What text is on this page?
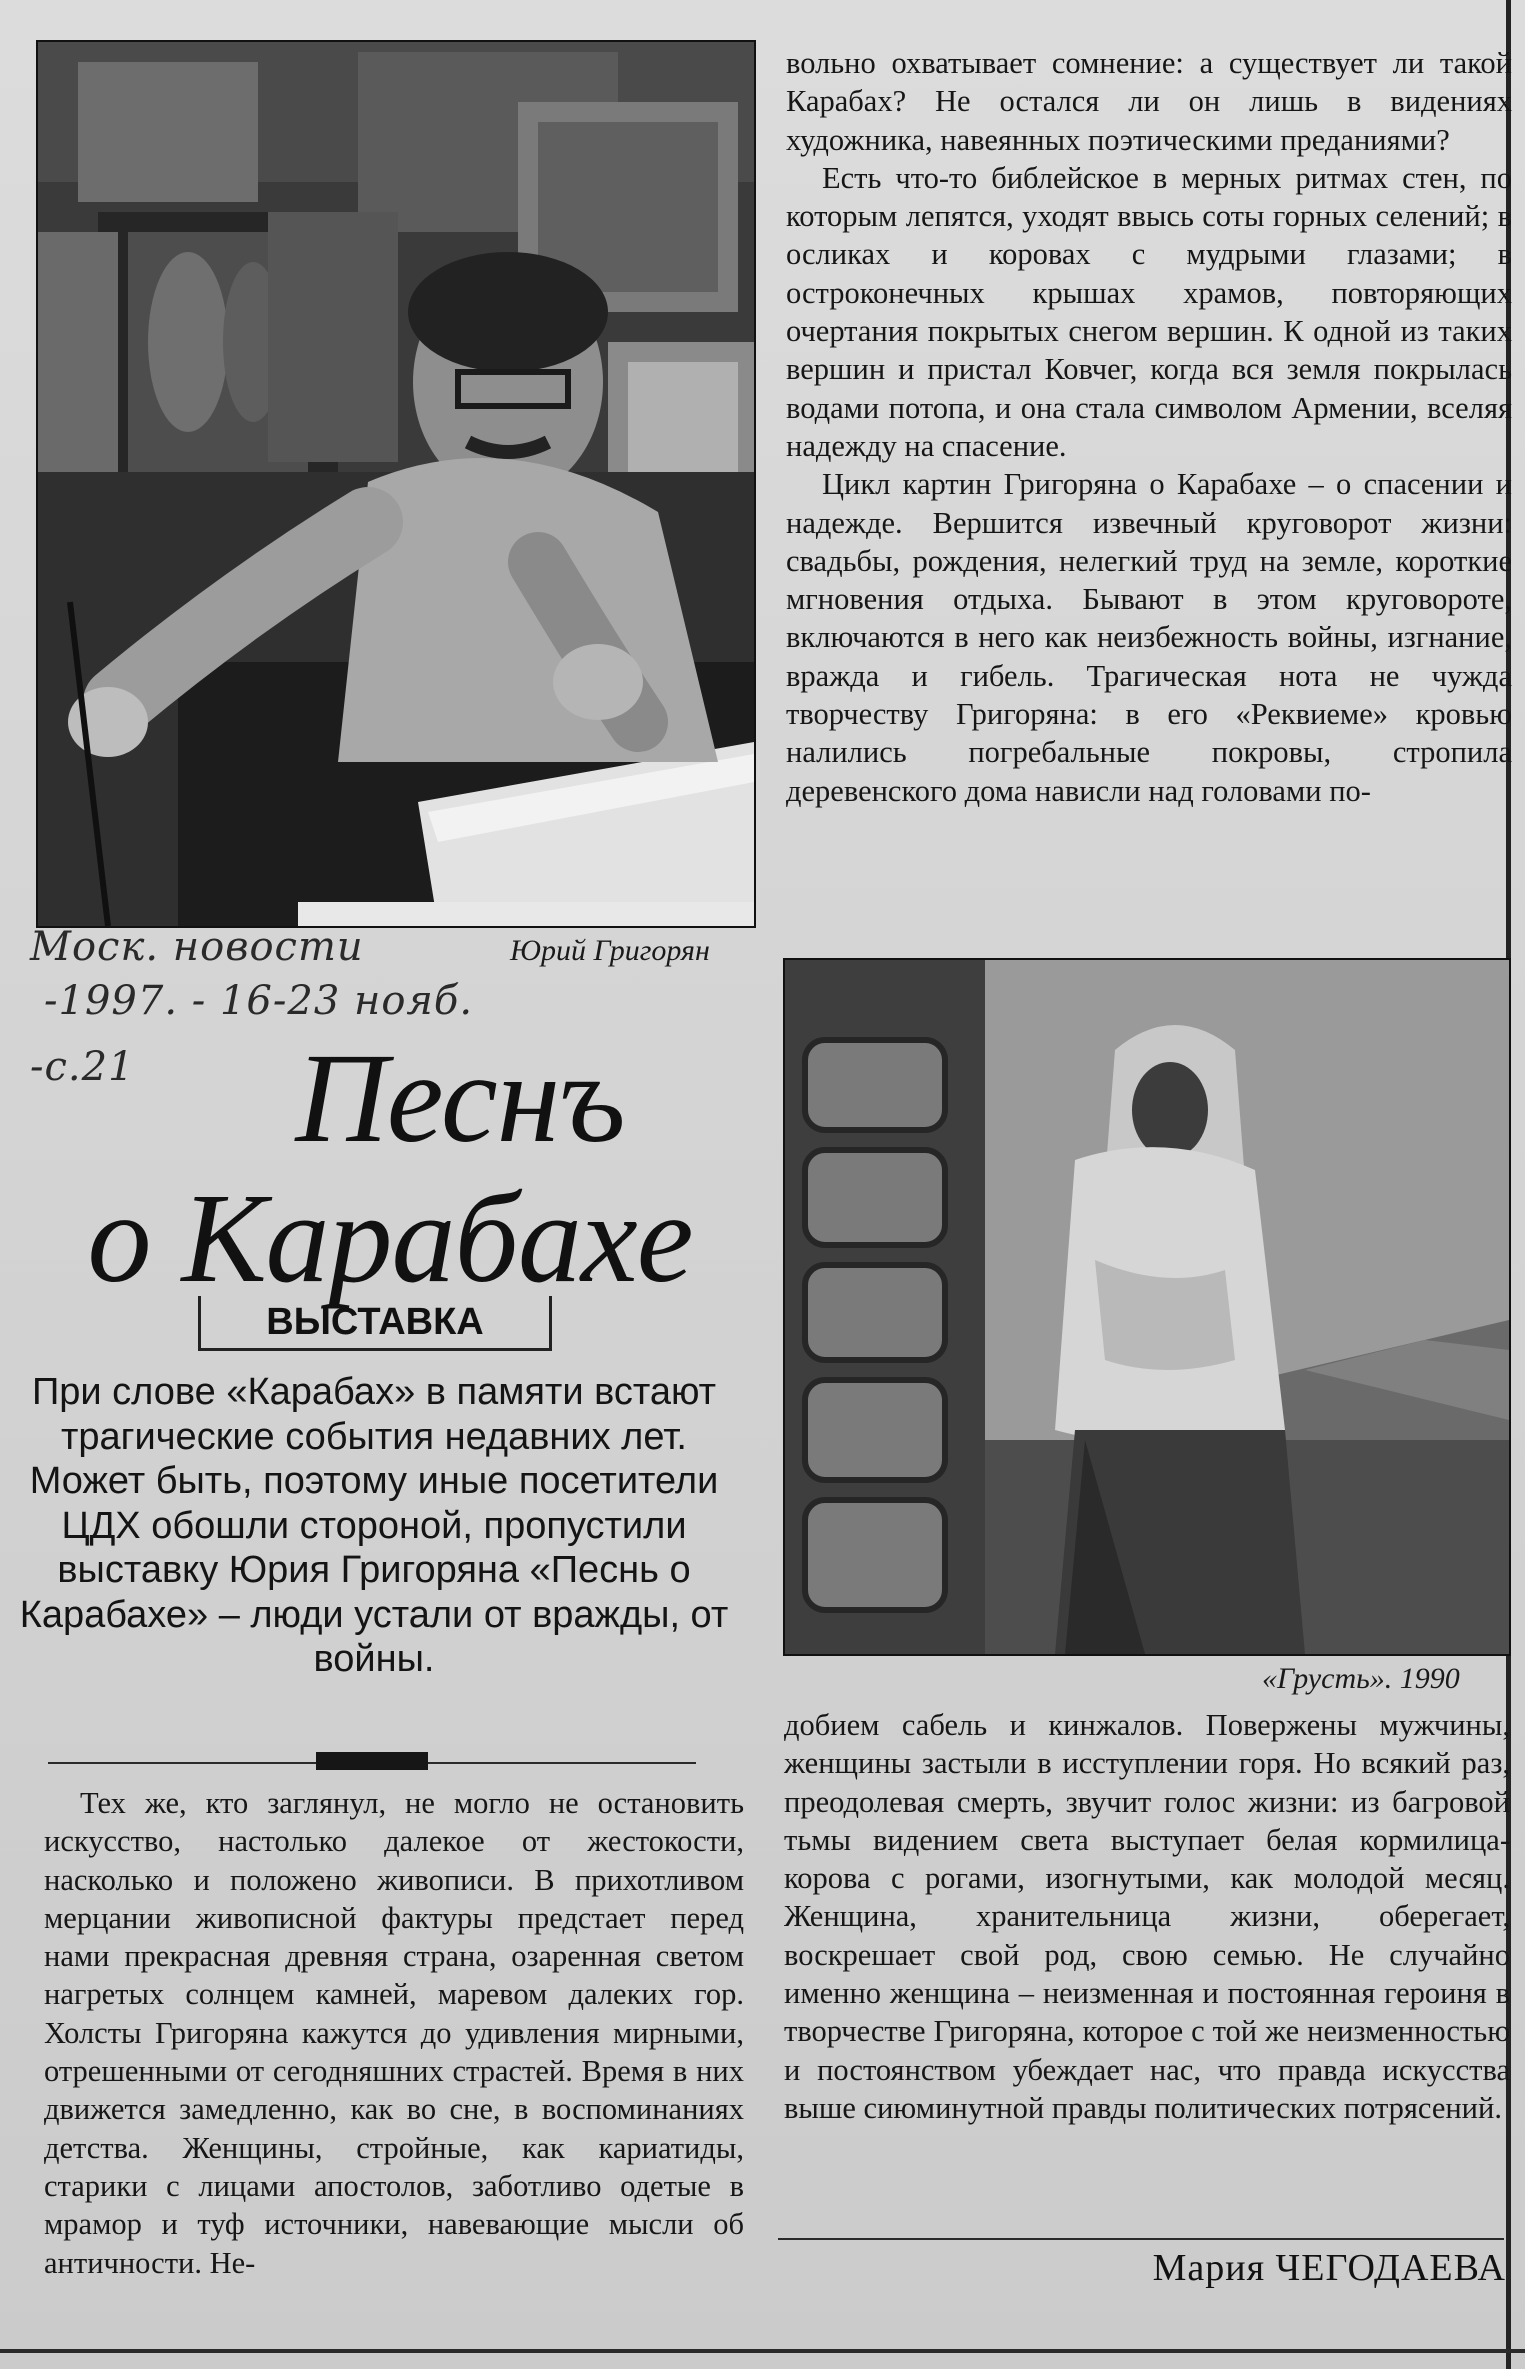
Юрий Григорян
Моск. новости
-1997. - 16-23 нояб.
-с.21	Песнъ
о Карабахе
ВЫСТАВКА
При слове «Карабах» в памяти встают трагические события недавних лет. Может быть, поэтому иные посетители ЦДХ обошли стороной, пропустили выставку Юрия Григоряна «Песнь о Карабахе» – люди устали от вражды, от войны.

Тех же, кто заглянул, не могло не остановить искусство, настолько далекое от жестокости, насколько и положено живописи. В прихотливом мерцании живописной фактуры предстает перед нами прекрасная древняя страна, озаренная светом нагретых солнцем камней, маревом далеких гор. Холсты Григоряна кажутся до удивления мирными, отрешенными от сегодняшних страстей. Время в них движется замедленно, как во сне, в воспоминаниях детства. Женщины, стройные, как кариатиды, старики с лицами апостолов, заботливо одетые в мрамор и туф источники, навевающие мысли об античности. Не-

вольно охватывает сомнение: а существует ли такой Карабах? Не остался ли он лишь в видениях художника, навеянных поэтическими преданиями?

Есть что-то библейское в мерных ритмах стен, по которым лепятся, уходят ввысь соты горных селений; в осликах и коровах с мудрыми глазами; в остроконечных крышах храмов, повторяющих очертания покрытых снегом вершин. К одной из таких вершин и пристал Ковчег, когда вся земля покрылась водами потопа, и она стала символом Армении, вселяя надежду на спасение.

Цикл картин Григоряна о Карабахе – о спасении и надежде. Вершится извечный круговорот жизни: свадьбы, рождения, нелегкий труд на земле, короткие мгновения отдыха. Бывают в этом круговороте, включаются в него как неизбежность войны, изгнание, вражда и гибель. Трагическая нота не чужда творчеству Григоряна: в его «Реквиеме» кровью налились погребальные покровы, стропила деревенского дома нависли над головами по-

«Грусть». 1990

добием сабель и кинжалов. Повержены мужчины, женщины застыли в исступлении горя. Но всякий раз, преодолевая смерть, звучит голос жизни: из багровой тьмы видением света выступает белая кормилица-корова с рогами, изогнутыми, как молодой месяц. Женщина, хранительница жизни, оберегает, воскрешает свой род, свою семью. Не случайно именно женщина – неизменная и постоянная героиня в творчестве Григоряна, которое с той же неизменностью и постоянством убеждает нас, что правда искусства выше сиюминутной правды политических потрясений.

Мария ЧЕГОДАЕВА
